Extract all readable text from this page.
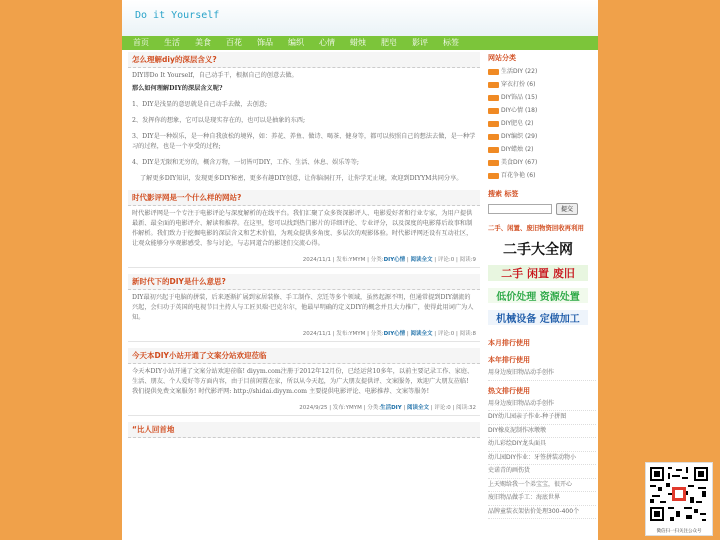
Do it Yourself
首页	生活	美食	百花	饰品	编织	心情	蜡烛	肥皂	影评	标签
怎么理解diy的深层含义?

DIY即Do It Yourself，自己动手干，根据自己的创意去做。

那么如何理解DIY的深层含义呢?

1、DIY是浅显的意思就是自己动手去做，去创意;

2、发挥你的想象，它可以是现实存在的，也可以是抽象的东西;

3、DIY是一种娱乐，是一种自我放松的境界，如：养花、养鱼、做诗、喝茶、健身等，都可以按照自己的想法去做，是一种学习的过程，也是一个享受的过程;

4、DIY是无限和无穷的，概含万物，一切皆可DIY，工作、生活、休息、娱乐等等;

了解更多DIY知识，发现更多DIY秘密，更多有趣DIY创意，让你脑洞打开，让你学无止境，欢迎到DIYYM共同分享。

时代影评网是一个什么样的网站?

时代影评网是一个专注于电影评论与深度解析的在线平台。我们汇聚了众多资深影评人、电影爱好者和行业专家，为用户提供最新、最全面的电影评介、解读和推荐。在这里，您可以找到热门影片的详细评论、专业评分，以及深度的电影幕后故事和制作解析。我们致力于挖掘电影的深层含义和艺术价值，为观众提供多角度、多层次的观影体验。时代影评网还设有互动社区，让观众能够分享观影感受、参与讨论，与志同道合的影迷们交流心得。

2024/11/1 | 发布:YMYM | 分类:DIY心情 | 阅读全文 | 评论:0 | 阅读:9
新时代下的DIY是什么意思?

DIY最初兴起于电脑的拼装，后来逐渐扩展到家居装修、手工制作、烹饪等多个领域，虽然起源不明，但通常提到DIY潮流的兴起，会归功于英国的电视节目主持人与工匠贝瑞·巴克尔尔，他最早明确的定义DIY的概念并且大力推广，使得此用词广为人知。

2024/11/1 | 发布:YMYM | 分类:DIY心情 | 阅读全文 | 评论:0 | 阅读:8
今天本DIY小站开通了文案分站欢迎莅临

今天本DIY小站开通了文案分站欢迎莅临! diyym.com注册于2012年12月份，已经运营10多年，以前主要记录工作、家庭、生活、朋友、个人爱好等方面内容，由于目前闲置在家，所以从今天起，为广大朋友提供评、文案服务，欢迎广大朋友莅临! 我们提供免费文案服务! 时代影评网: http://shidai.diyym.com 主要提供电影评论、电影推荐、文案等服务!

2024/9/25 | 发布:YMYM | 分类:生活DIY | 阅读全文 | 评论:0 | 阅读:32
“比人回首地
网站分类
生活DIY (22)
穿衣打扮 (6)
DIY饰品 (15)
DIY心情 (18)
DIY肥皂 (2)
DIY编织 (29)
DIY蜡烛 (2)
美食DIY (67)
百花争艳 (6)
搜索 标签
提交
二手、闲置、废旧物资回收再利用
二手大全网
二手 闲置 废旧
低价处理 资源处置
机械设备 定做加工
本月排行使用
本年排行使用
用身边废旧物品动手创作
热文排行使用
用身边废旧物品动手创作
DIY幼儿园亲子作业-种子拼图
DIY橡皮泥制作冰墩墩
幼儿彩绘DIY龙头面具
幼儿园DIY作业：牙签拼装动物小
史诺青的画伤货
上天赐给我一个弟宝宝，很开心
废旧物品做手工：海底世界
品牌童装衣架估价处理300-400个
微信扫一扫关注公众号
